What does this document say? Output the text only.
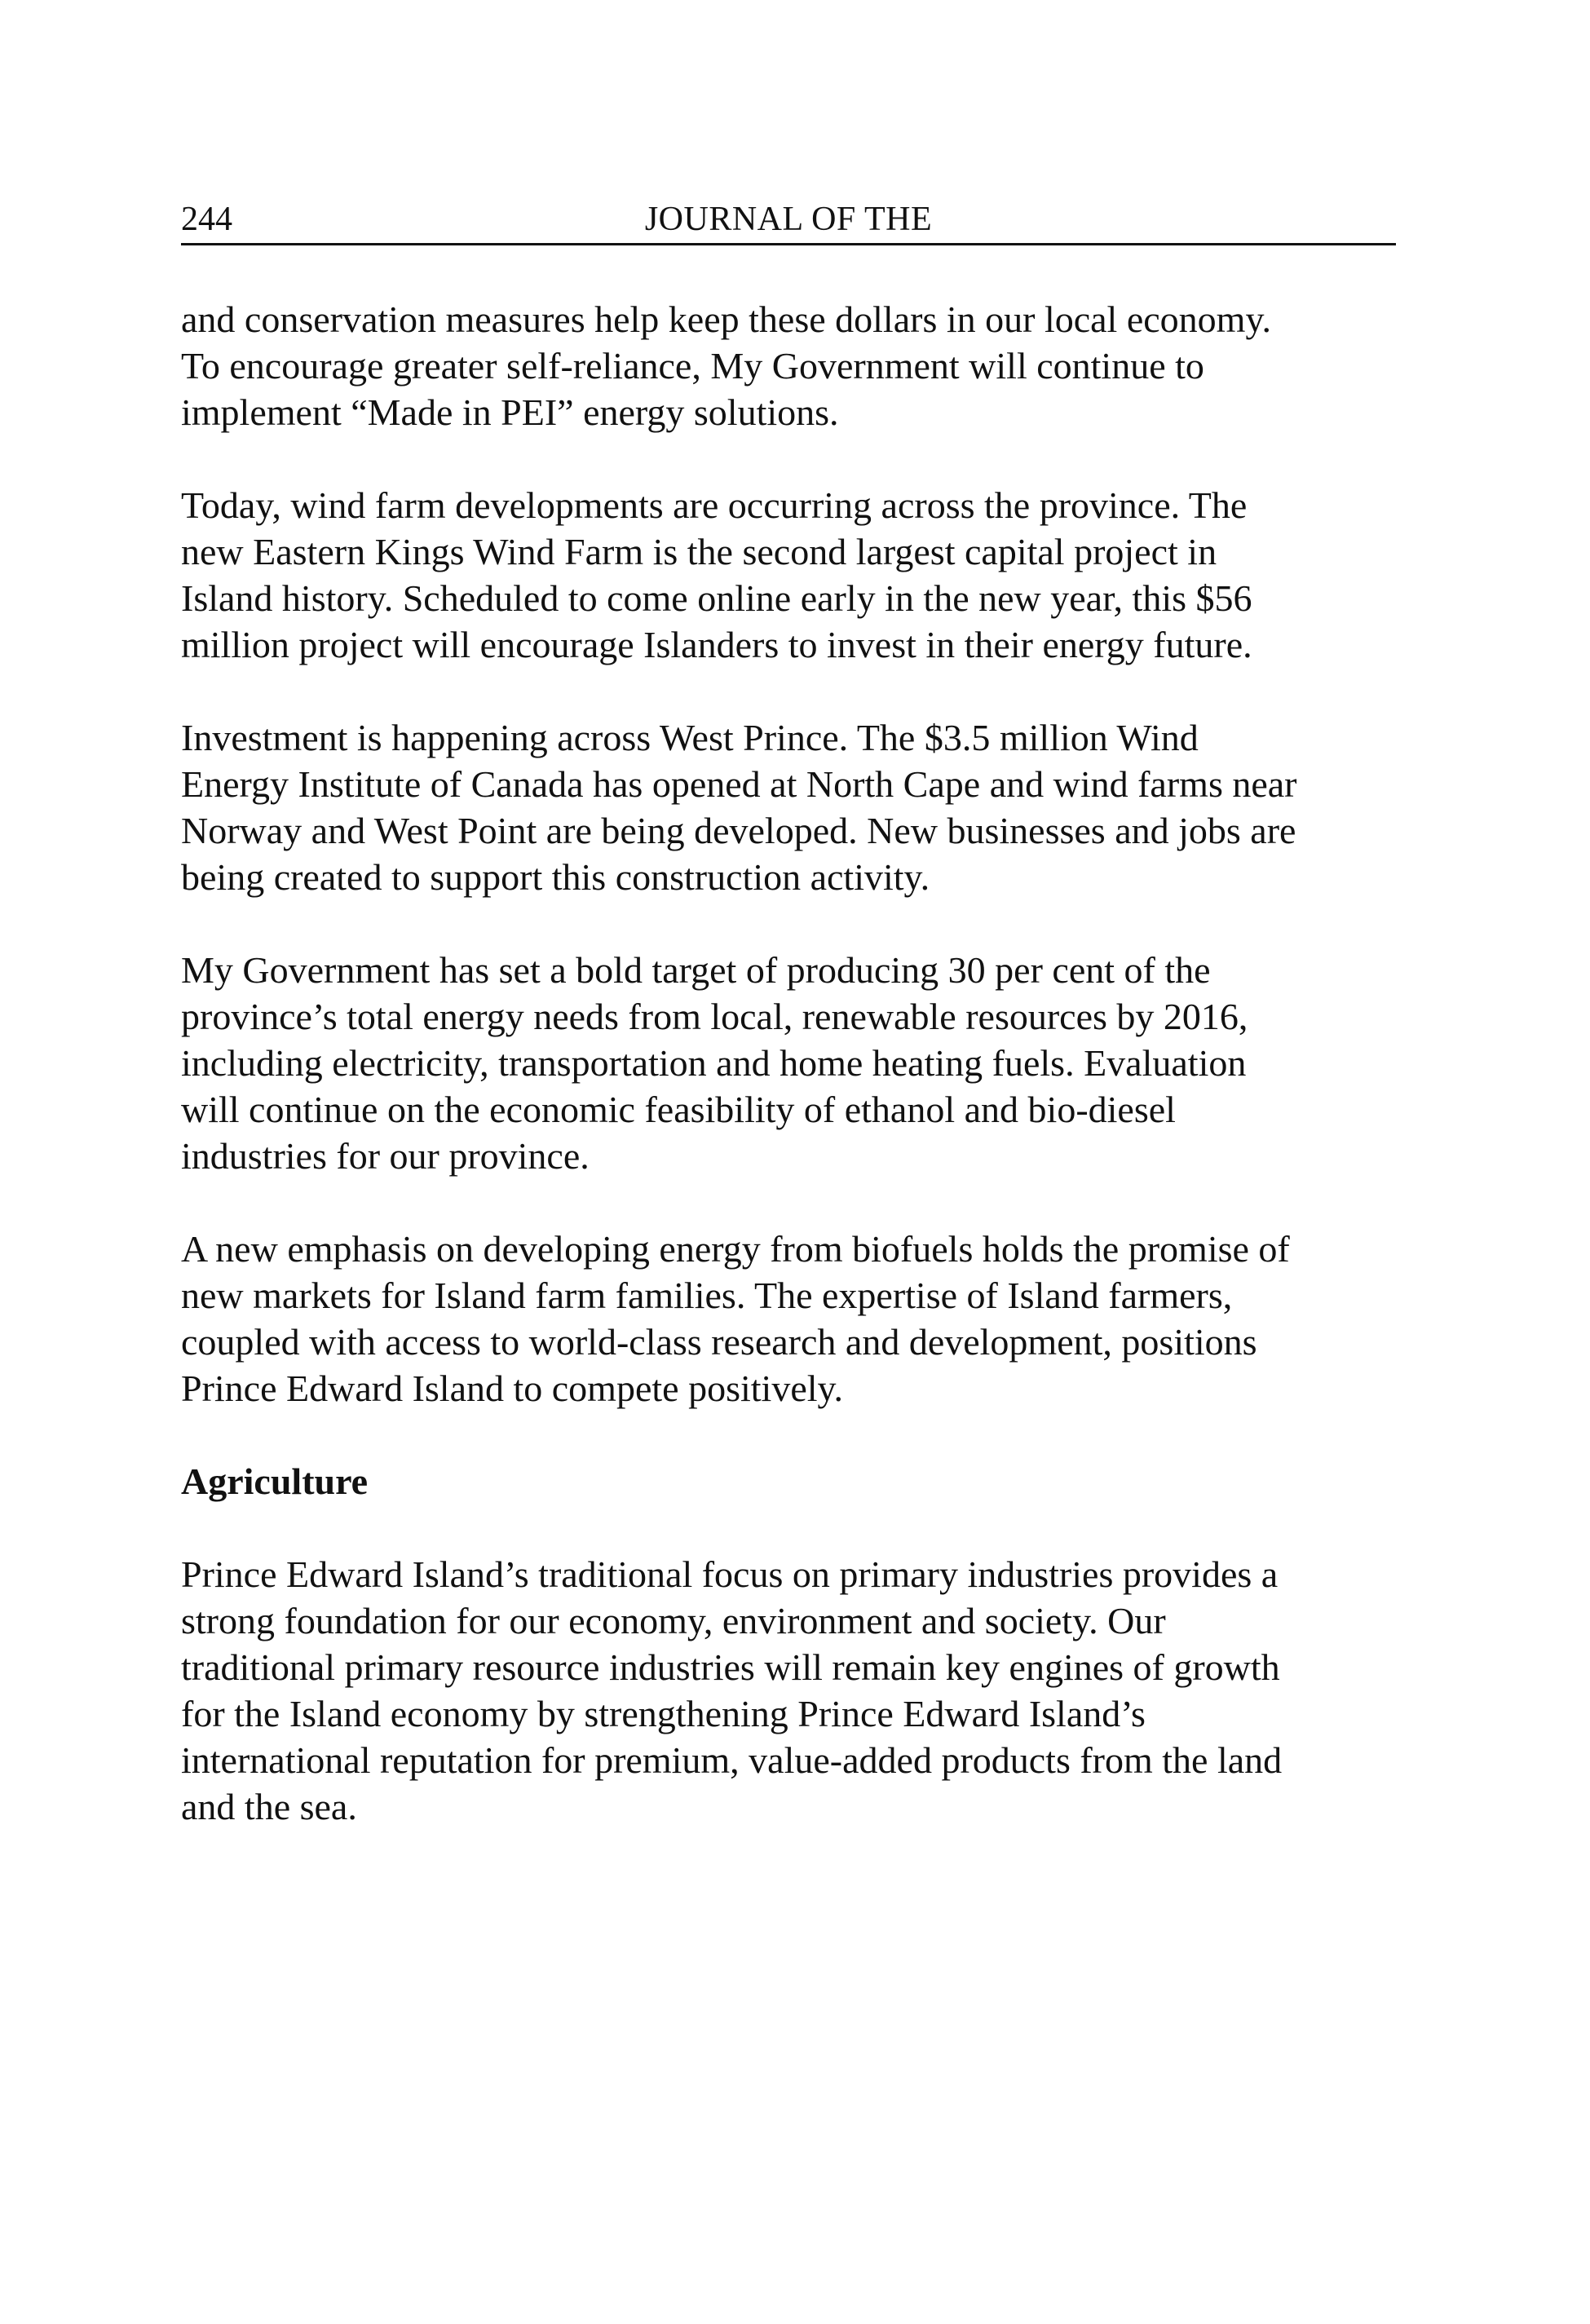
244	JOURNAL OF THE

and conservation measures help keep these dollars in our local economy.
To encourage greater self-reliance, My Government will continue to
implement “Made in PEI” energy solutions.

Today, wind farm developments are occurring across the province. The
new Eastern Kings Wind Farm is the second largest capital project in
Island history. Scheduled to come online early in the new year, this $56
million project will encourage Islanders to invest in their energy future.

Investment is happening across West Prince. The $3.5 million Wind
Energy Institute of Canada has opened at North Cape and wind farms near
Norway and West Point are being developed. New businesses and jobs are
being created to support this construction activity.

My Government has set a bold target of producing 30 per cent of the
province’s total energy needs from local, renewable resources by 2016,
including electricity, transportation and home heating fuels. Evaluation
will continue on the economic feasibility of ethanol and bio-diesel
industries for our province.

A new emphasis on developing energy from biofuels holds the promise of
new markets for Island farm families. The expertise of Island farmers,
coupled with access to world-class research and development, positions
Prince Edward Island to compete positively.

Agriculture

Prince Edward Island’s traditional focus on primary industries provides a
strong foundation for our economy, environment and society. Our
traditional primary resource industries will remain key engines of growth
for the Island economy by strengthening Prince Edward Island’s
international reputation for premium, value-added products from the land
and the sea.
